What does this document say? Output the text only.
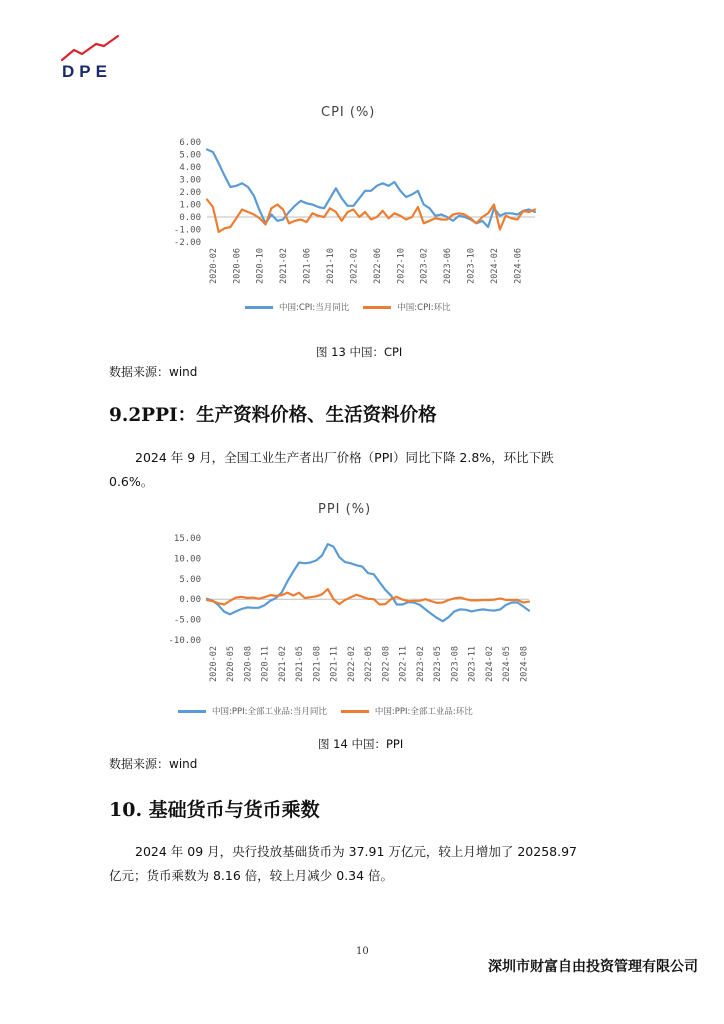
DPE
CPI (%)
6.00
5.00
4.00
3.00
2.00
1.00
0.00
-1.00
-2.00
2020-02 2020-06 2020-10 2021-02 2021-06 2021-10 2022-02 2022-06 2022-10 2023-02 2023-06 2023-10 2024-02 2024-06
中国:CPI:当月同比	中国:CPI:环比
图 13 中国：CPI
数据来源：wind
9.2PPI：生产资料价格、生活资料价格
2024 年 9 月，全国工业生产者出厂价格（PPI）同比下降 2.8%，环比下跌
0.6%。
PPI (%)
15.00
10.00
5.00
0.00
-5.00
-10.00
2020-02 2020-05 2020-08 2020-11 2021-02 2021-05 2021-08 2021-11 2022-02 2022-05 2022-08 2022-11 2023-02 2023-05 2023-08 2023-11 2024-02 2024-05 2024-08
中国:PPI:全部工业品:当月同比	中国:PPI:全部工业品:环比
图 14 中国：PPI
数据来源：wind
10. 基础货币与货币乘数
2024 年 09 月，央行投放基础货币为 37.91 万亿元，较上月增加了 20258.97
亿元；货币乘数为 8.16 倍，较上月减少 0.34 倍。
10
深圳市财富自由投资管理有限公司
